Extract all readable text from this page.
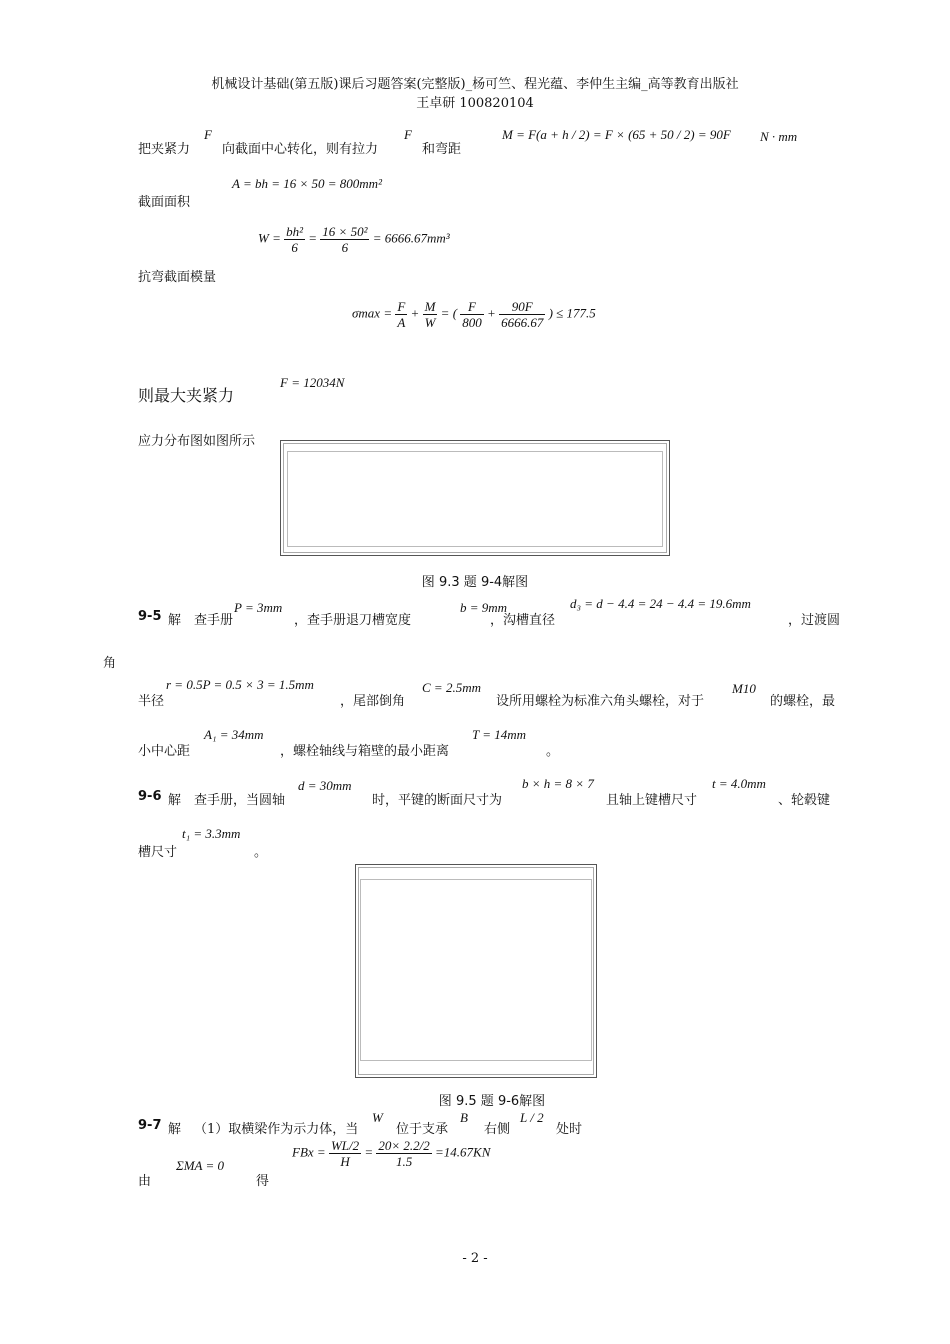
机械设计基础(第五版)课后习题答案(完整版)_杨可竺、程光蕴、李仲生主编_高等教育出版社
王卓研 100820104
把夹紧力
F
向截面中心转化，则有拉力
F
和弯距
M = F(a + h / 2) = F × (65 + 50 / 2) = 90F N · mm
A = bh = 16 × 50 = 800mm²
截面面积
$W = \frac{\text{bh²}}{6} = \frac{\text{16 × 50²}}{6} = 6666.67mm^3$
抗弯截面模量
$\sigma\max = \frac{F}{A} + \frac{M}{W}$ = ( $\frac{F}{800} + \frac{90F}{6666.67}$ ) ≤ 177.5
则最大夹紧力
F = 12034N
应力分布图如图所示
图 9.3 题 9-4解图
9-5 解　查手册
P = 3mm
，查手册退刀槽宽度
b = 9mm
，沟槽直径
d₃ = d − 4.4 = 24 − 4.4 = 19.6mm
，过渡圆
角
半径
r = 0.5P = 0.5 × 3 = 1.5mm
，尾部倒角
C = 2.5mm
设所用螺栓为标准六角头螺栓，对于
M10
的螺栓，最
小中心距
A₁ = 34mm
，螺栓轴线与箱壁的最小距离
T = 14mm
。
9-6 解　查手册，当圆轴
d = 30mm
时，平键的断面尺寸为
b × h = 8 × 7
且轴上键槽尺寸
t = 4.0mm
、轮毂键
槽尺寸
t₁ = 3.3mm
。
图 9.5 题 9-6解图
9-7 解 （1）取横梁作为示力体，当
W
位于支承
B
右侧
L / 2
处时
FBx = $\frac{WL/2}{H} = \frac{20\times 2.2/2}{1.5} =14.67KN$
由
ΣMA = 0
得
- 2 -
